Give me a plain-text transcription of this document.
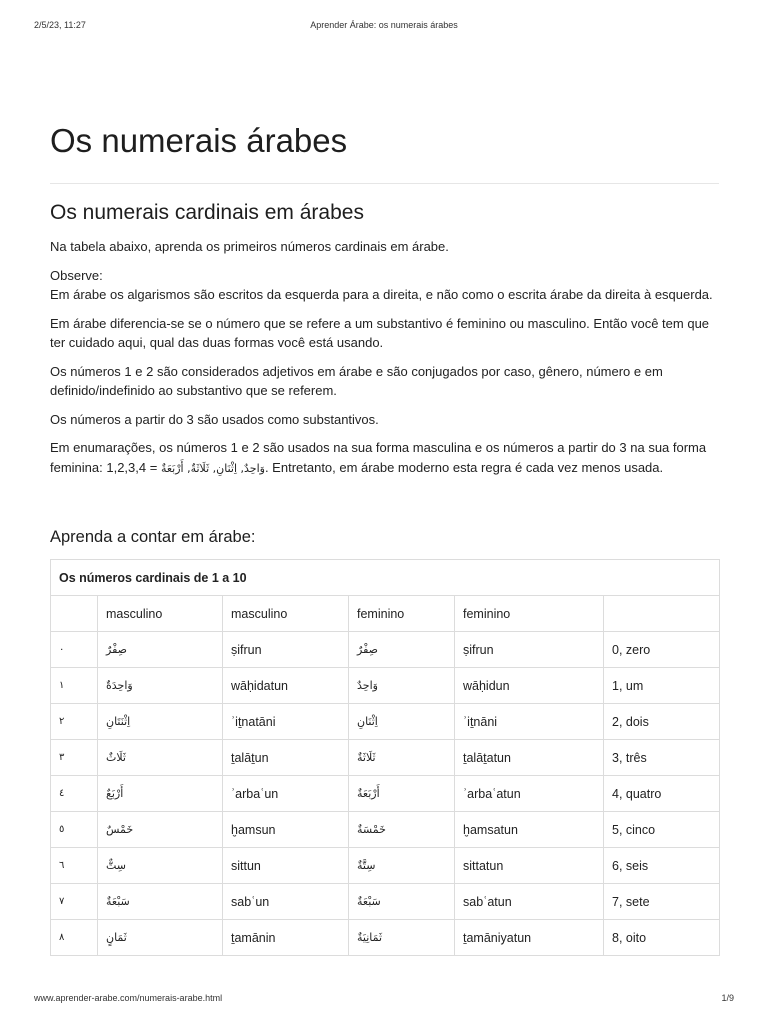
2/5/23, 11:27	Aprender Árabe: os numerais árabes
Os numerais árabes
Os numerais cardinais em árabes

Na tabela abaixo, aprenda os primeiros números cardinais em árabe.

Observe:
Em árabe os algarismos são escritos da esquerda para a direita, e não como o escrita árabe da direita à esquerda.

Em árabe diferencia-se se o número que se refere a um substantivo é feminino ou masculino. Então você tem que ter cuidado aqui, qual das duas formas você está usando.

Os números 1 e 2 são considerados adjetivos em árabe e são conjugados por caso, gênero, número e em definido/indefinido ao substantivo que se referem.

Os números a partir do 3 são usados como substantivos.

Em enumarações, os números 1 e 2 são usados na sua forma masculina e os números a partir do 3 na sua forma feminina: 1,2,3,4 = وَاحِدٌ, اِثْنَانِ, ثَلَاثَةٌ, أَرْبَعَةٌ. Entretanto, em árabe moderno esta regra é cada vez menos usada.

Aprenda a contar em árabe:
Os números cardinais de 1 a 10					
	masculino	masculino	feminino	feminino	
٠	صِفْرٌ	ṣifrun	صِفْرٌ	ṣifrun	0, zero
١	وَاحِدَةٌ	wāḥidatun	وَاحِدٌ	wāḥidun	1, um
٢	اِثْنَتَانِ	ʾiṯnatāni	اِثْنَانِ	ʾiṯnāni	2, dois
٣	ثَلَاثٌ	ṯalāṯun	ثَلَاثَةٌ	ṯalāṯatun	3, três
٤	أَرْبَعٌ	ʾarbaʿun	أَرْبَعَةٌ	ʾarbaʿatun	4, quatro
٥	خَمْسٌ	ḫamsun	خَمْسَةٌ	ḫamsatun	5, cinco
٦	سِتٌّ	sittun	سِتَّةٌ	sittatun	6, seis
٧	سَبْعَةٌ	sabʿun	سَبْعَةٌ	sabʿatun	7, sete
٨	ثَمَانٍ	ṯamānin	ثَمَانِيَةٌ	ṯamāniyatun	8, oito
www.aprender-arabe.com/numerais-arabe.html	1/9
